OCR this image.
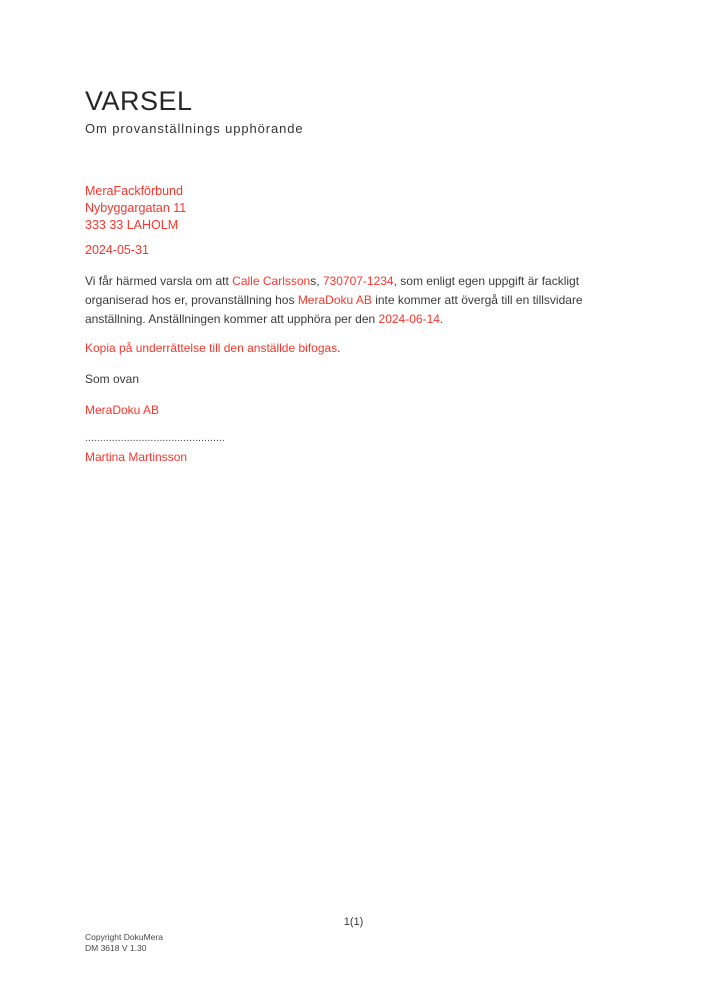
VARSEL
Om provanställnings upphörande
MeraFackförbund
Nybyggargatan 11
333 33 LAHOLM
2024-05-31

Vi får härmed varsla om att Calle Carlssons, 730707-1234, som enligt egen uppgift är fackligt organiserad hos er, provanställning hos MeraDoku AB inte kommer att övergå till en tillsvidare anställning. Anställningen kommer att upphöra per den 2024-06-14.

Kopia på underrättelse till den anställde bifogas.
Som ovan
MeraDoku AB
...............................................
Martina Martinsson
1(1)
Copyright DokuMera
DM 3618 V 1.30
